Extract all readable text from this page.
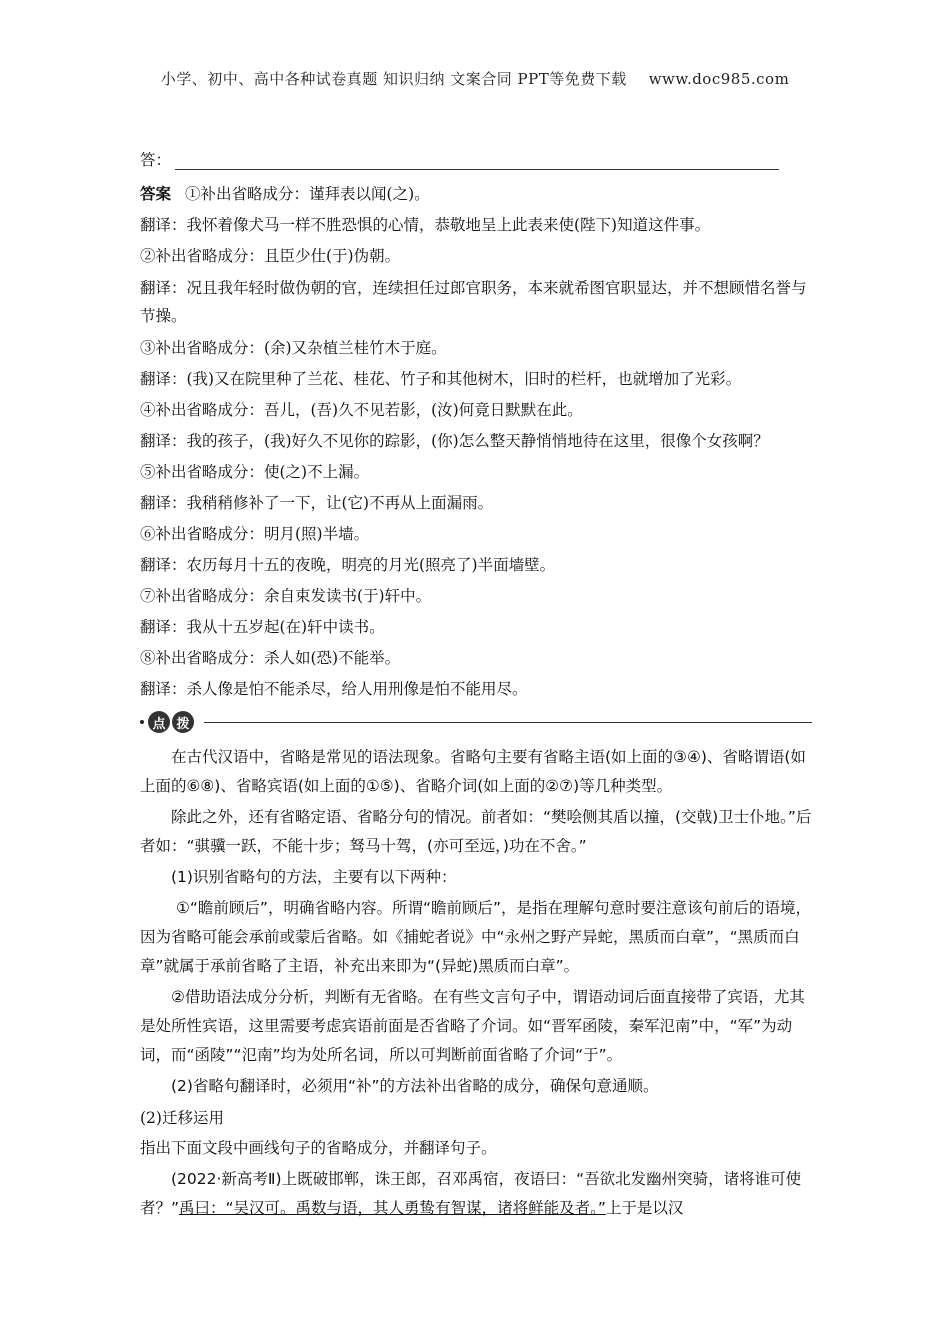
小学、初中、高中各种试卷真题 知识归纳 文案合同 PPT等免费下载 www.doc985.com
答：
答案 ①补出省略成分：谨拜表以闻(之)。
翻译：我怀着像犬马一样不胜恐惧的心情，恭敬地呈上此表来使(陛下)知道这件事。
②补出省略成分：且臣少仕(于)伪朝。
翻译：况且我年轻时做伪朝的官，连续担任过郎官职务，本来就希图官职显达，并不想顾惜名誉与节操。
③补出省略成分：(余)又杂植兰桂竹木于庭。
翻译：(我)又在院里种了兰花、桂花、竹子和其他树木，旧时的栏杆，也就增加了光彩。
④补出省略成分：吾儿，(吾)久不见若影，(汝)何竟日默默在此。
翻译：我的孩子，(我)好久不见你的踪影，(你)怎么整天静悄悄地待在这里，很像个女孩啊？
⑤补出省略成分：使(之)不上漏。
翻译：我稍稍修补了一下，让(它)不再从上面漏雨。
⑥补出省略成分：明月(照)半墙。
翻译：农历每月十五的夜晚，明亮的月光(照亮了)半面墙壁。
⑦补出省略成分：余自束发读书(于)轩中。
翻译：我从十五岁起(在)轩中读书。
⑧补出省略成分：杀人如(恐)不能举。
翻译：杀人像是怕不能杀尽，给人用刑像是怕不能用尽。
点 拨

在古代汉语中，省略是常见的语法现象。省略句主要有省略主语(如上面的③④)、省略谓语(如上面的⑥⑧)、省略宾语(如上面的①⑤)、省略介词(如上面的②⑦)等几种类型。

除此之外，还有省略定语、省略分句的情况。前者如：“樊哙侧其盾以撞，(交戟)卫士仆地。”后者如：“骐骥一跃，不能十步；驽马十驾，(亦可至远，)功在不舍。”

(1)识别省略句的方法，主要有以下两种：

①“瞻前顾后”，明确省略内容。所谓“瞻前顾后”，是指在理解句意时要注意该句前后的语境，因为省略可能会承前或蒙后省略。如《捕蛇者说》中“永州之野产异蛇，黑质而白章”，“黑质而白章”就属于承前省略了主语，补充出来即为“(异蛇)黑质而白章”。

②借助语法成分分析，判断有无省略。在有些文言句子中，谓语动词后面直接带了宾语，尤其是处所性宾语，这里需要考虑宾语前面是否省略了介词。如“晋军函陵，秦军氾南”中，“军”为动词，而“函陵”“氾南”均为处所名词，所以可判断前面省略了介词“于”。

(2)省略句翻译时，必须用“补”的方法补出省略的成分，确保句意通顺。

(2)迁移运用
指出下面文段中画线句子的省略成分，并翻译句子。
(2022·新高考Ⅱ)上既破邯郸，诛王郎，召邓禹宿，夜语曰：“吾欲北发幽州突骑，诸将谁可使者？”禹曰：“吴汉可。禹数与语，其人勇鸷有智谋，诸将鲜能及者。”上于是以汉
